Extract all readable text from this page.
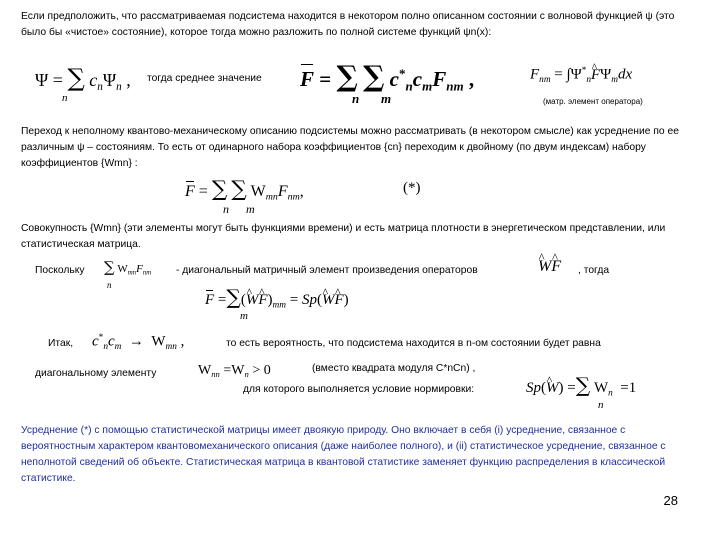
Если предположить, что рассматриваемая подсистема находится в некотором полно описанном состоянии с волновой функцией ψ (это было бы «чистое» состояние), которое тогда можно разложить по полной системе функций ψn(x):
Ψ = ∑ $c_n\Psi_n$ ,
n
тогда среднее значение F = ∑ ∑ $c^*_nc_mF_{nm}$ ,
n m
$F_{nm}$ = $\int\Psi^*_n\^{}$ $F\Psi_mdx$
(матр. элемент оператора)
Переход к неполному квантово-механическому описанию подсистемы можно рассматривать (в некотором смысле) как усреднение по ее различным ψ – состояниям. То есть от одинарного набора коэффициентов {cn} переходим к двойному (по двум индексам) набору коэффициентов {Wmn} :
F = ∑ ∑ $W_{mn}F_{nm}$,
n m
(*)
Совокупность {Wmn} (эти элементы могут быть функциями времени) и есть матрица плотности в энергетическом представлении, или статистическая матрица.
Поскольку ∑ $W_{mn}F_{nm}$
n
- диагональный матричный элемент произведения операторов	^ W^ F , тогда
F =∑(^ W^ $F)_{mm}$ = Sp(^ W^ F)
m
Итак, $c^*_nc_m \to W_{mn}$ ,	то есть вероятность, что подсистема находится в n-ом состоянии будет равна
диагональному элементу	$W_{nn} =W_n > 0$	(вместо квадрата модуля C*nCn) ,
для которого выполняется условие нормировки:	Sp(^ W) =∑ $W_n =1$
n
Усреднение (*) с помощью статистической матрицы имеет двоякую природу. Оно включает в себя (i) усреднение, связанное с вероятностным характером квантовомеханического описания (даже наиболее полного), и (ii) статистическое усреднение, связанное с неполнотой сведений об объекте. Статистическая матрица в квантовой статистике заменяет функцию распределения в классической статистике.
28
